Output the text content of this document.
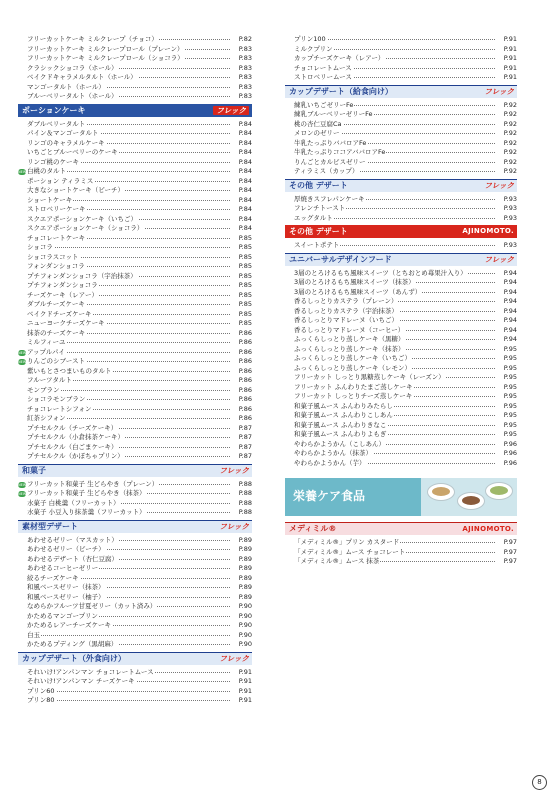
フリーカットケーキ ミルクレープ（チョコ）	P.82
フリーカットケーキ ミルクレープロール（プレーン）	P.83
フリーカットケーキ ミルクレープロール（ショコラ）	P.83
クラシックショコラ（ホール）	P.83
ベイクドキャラメルタルト（ホール）	P.83
マンゴータルト（ホール）	P.83
ブルーベリータルト（ホール）	P.83
ポーションケーキ	フレック
ダブルベリータルト	P.84
パイン＆マンゴータルト	P.84
リンゴのキャラメルケーキ	P.84
いちごとブルーベリーのケーキ	P.84
リンゴ桃のケーキ	P.84
NEW 白桃のタルト	P.84
ポーション ティラミス	P.84
大きなショートケーキ（ピーチ）	P.84
ショートケーキ	P.84
ストロベリーケーキ	P.84
スクエアポーションケーキ（いちご）	P.84
スクエアポーションケーキ（ショコラ）	P.84
チョコレートケーキ	P.85
ショコラ	P.85
ショコラスコット	P.85
フォンダンショコラ	P.85
プチフォンダンショコラ（宇治抹茶）	P.85
プチフォンダンショコラ	P.85
チーズケーキ（レアー）	P.85
ダブルチーズケーキ	P.85
ベイクドチーズケーキ	P.85
ニューヨークチーズケーキ	P.85
抹茶のチーズケーキ	P.86
ミルフィーユ	P.86
NEW アップルパイ	P.86
NEW りんごのシブースト	P.86
紫いもとさつまいものタルト	P.86
フルーツタルト	P.86
モンブラン	P.86
ショコラモンブラン	P.86
チョコレートシフォン	P.86
紅茶シフォン	P.86
プチセルクル（チーズケーキ）	P.87
プチセルクル（小倉抹茶ケーキ）	P.87
プチセルクル（白ごまケーキ）	P.87
プチセルクル（かぼちゃプリン）	P.87
和菓子	フレック
NEW フリーカット和菓子 生どらやき（プレーン）	P.88
NEW フリーカット和菓子 生どらやき（抹茶）	P.88
水菓子 白桃羹（フリーカット）	P.88
水菓子 小豆入り抹茶羹（フリーカット）	P.88
素材型デザート	フレック
あわせるゼリー（マスカット）	P.89
あわせるゼリー（ピーチ）	P.89
あわせるデザート（杏仁豆腐）	P.89
あわせるコーヒーゼリー	P.89
絞るチーズケーキ	P.89
和風ベースゼリー（抹茶）	P.89
和風ベースゼリー（柚子）	P.89
なめらかフルーツ甘夏ゼリー（カット済み）	P.90
かためるマンゴープリン	P.90
かためるレアーチーズケーキ	P.90
白玉	P.90
かためるプディング（黒胡麻）	P.90
カップデザート（外食向け）	フレック
それいけ!アンパンマン チョコレートムース	P.91
それいけ!アンパンマン チーズケーキ	P.91
プリン60	P.91
プリン80	P.91
プリン100	P.91
ミルクプリン	P.91
カップチーズケーキ（レアー）	P.91
チョコレートムース	P.91
ストロベリームース	P.91
カップデザート（給食向け）	フレック
練乳いちごゼリーFe	P.92
練乳ブルーベリーゼリーFe	P.92
桃の杏仁豆腐Ca	P.92
メロンのゼリー	P.92
牛乳たっぷりババロアFe	P.92
牛乳たっぷりココアババロアFe	P.92
りんごとカルピスゼリー	P.92
ティラミス（カップ）	P.92
その他 デザート	フレック
厚焼きスフレパンケーキ	P.93
フレンチトースト	P.93
エッグタルト	P.93
その他 デザート	AJINOMOTO.
スイートポテト	P.93
ユニバーサルデザインフード	フレック
3層のとろけるもち風味スイーツ（とちおとめ苺果汁入り）	P.94
3層のとろけるもち風味スイーツ（抹茶）	P.94
3層のとろけるもち風味スイーツ（あんず）	P.94
香るしっとりカステラ（プレーン）	P.94
香るしっとりカステラ（宇治抹茶）	P.94
香るしっとりマドレーヌ（いちご）	P.94
香るしっとりマドレーヌ（コーヒー）	P.94
ふっくらしっとり蒸しケーキ（黒糖）	P.94
ふっくらしっとり蒸しケーキ（抹茶）	P.95
ふっくらしっとり蒸しケーキ（いちご）	P.95
ふっくらしっとり蒸しケーキ（レモン）	P.95
フリーカット しっとり黒糖蒸しケーキ（レーズン）	P.95
フリーカット ふんわりたまご蒸しケーキ	P.95
フリーカット しっとりチーズ蒸しケーキ	P.95
和菓子風ムース ふんわりみたらし	P.95
和菓子風ムース ふんわりこしあん	P.95
和菓子風ムース ふんわりきなこ	P.95
和菓子風ムース ふんわりよもぎ	P.95
やわらかようかん（こしあん）	P.96
やわらかようかん（抹茶）	P.96
やわらかようかん（芋）	P.96
栄養ケア食品
メディミル®	AJINOMOTO.
「メディミル®」プリン カスタード	P.97
「メディミル®」ムース チョコレート	P.97
「メディミル®」ムース 抹茶	P.97
8
